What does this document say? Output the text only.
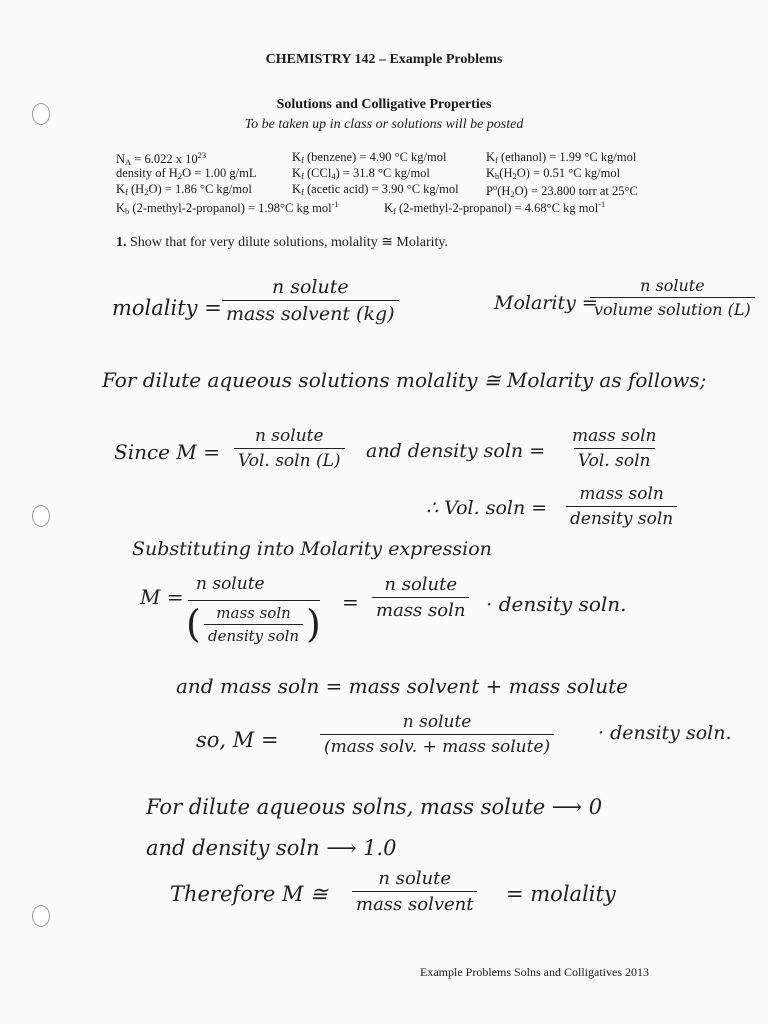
CHEMISTRY 142 – Example Problems
Solutions and Colligative Properties
To be taken up in class or solutions will be posted
$N_A = 6.022$ x $10^{23}$	$K_f$ (benzene) = 4.90 °C kg/mol	$K_f$ (ethanol) = 1.99 °C kg/mol
density of $H_2O = 1.00$ g/mL	$K_f$ (CCl$_4$) = 31.8 °C kg/mol	$K_b(H_2O) = 0.51$ °C kg/mol
$K_f$ $(H_2O) = 1.86$ °C kg/mol	$K_f$ (acetic acid) = 3.90 °C kg/mol $P^o(H_2O) = 23.800$ torr at 25°C
$K_b$ (2-methyl-2-propanol) = 1.98°C kg mol$^{-1}$	$K_f$ (2-methyl-2-propanol) = 4.68°C kg mol$^{-1}$
1. Show that for very dilute solutions, molality ≅ Molarity.
molality =
n solute
mass solvent (kg)	Molarity =
n solute
volume solution (L)
For dilute aqueous solutions molality ≅ Molarity as follows;
Since M =
n solute
Vol. soln (L) and density soln =
mass soln
Vol. soln
∴ Vol. soln =
mass soln
density soln
Substituting into Molarity expression
M =
n solute
( mass soln
density soln ) =
n solute
mass soln · density soln.
and mass soln = mass solvent + mass solute
so, M =
n solute
(mass solv. + mass solute)
· density soln.
For dilute aqueous solns, mass solute ⟶ 0
and density soln ⟶ 1.0
Therefore M ≅
n solute
mass solvent = molality
Example Problems Solns and Colligatives 2013
